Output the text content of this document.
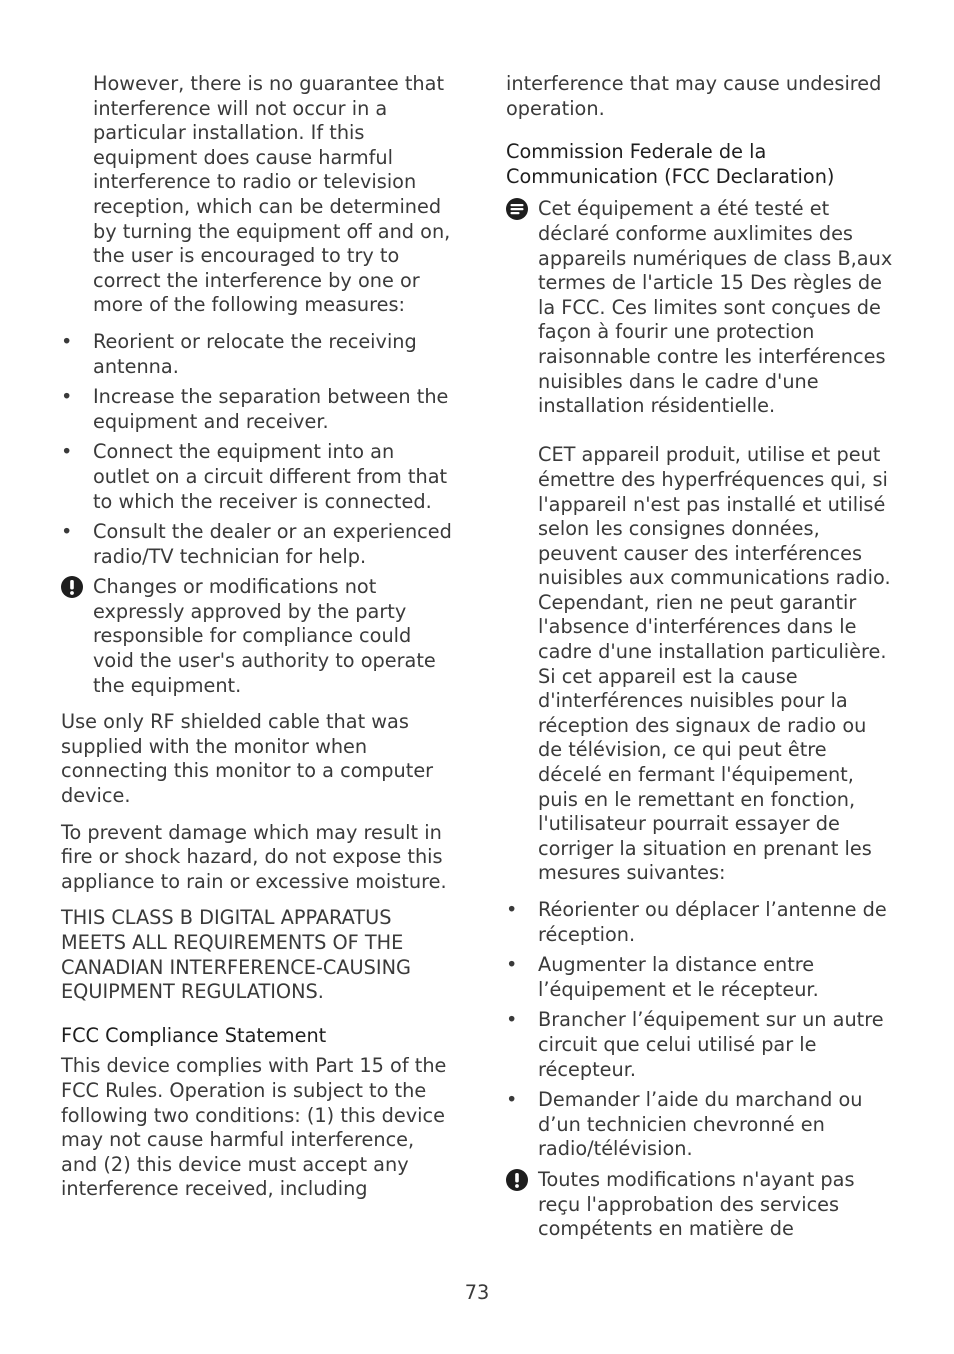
However, there is no guarantee that interference will not occur in a particular installation. If this equipment does cause harmful interference to radio or television reception, which can be determined by turning the equipment off and on, the user is encouraged to try to correct the interference by one or more of the following measures:

• Reorient or relocate the receiving antenna.
• Increase the separation between the equipment and receiver.
• Connect the equipment into an outlet on a circuit different from that to which the receiver is connected.
• Consult the dealer or an experienced radio/TV technician for help.
Changes or modifications not expressly approved by the party responsible for compliance could void the user's authority to operate the equipment.

Use only RF shielded cable that was supplied with the monitor when connecting this monitor to a computer device.

To prevent damage which may result in fire or shock hazard, do not expose this appliance to rain or excessive moisture.

THIS CLASS B DIGITAL APPARATUS MEETS ALL REQUIREMENTS OF THE CANADIAN INTERFERENCE-CAUSING EQUIPMENT REGULATIONS.

FCC Compliance Statement

This device complies with Part 15 of the FCC Rules. Operation is subject to the following two conditions: (1) this device may not cause harmful interference, and (2) this device must accept any interference received, including

interference that may cause undesired operation.

Commission Federale de la Communication (FCC Declaration)

Cet équipement a été testé et déclaré conforme auxlimites des appareils numériques de class B,aux termes de l'article 15 Des règles de la FCC. Ces limites sont conçues de façon à fourir une protection raisonnable contre les interférences nuisibles dans le cadre d'une installation résidentielle.

CET appareil produit, utilise et peut émettre des hyperfréquences qui, si l'appareil n'est pas installé et utilisé selon les consignes données, peuvent causer des interférences nuisibles aux communications radio. Cependant, rien ne peut garantir l'absence d'interférences dans le cadre d'une installation particulière. Si cet appareil est la cause d'interférences nuisibles pour la réception des signaux de radio ou de télévision, ce qui peut être décelé en fermant l'équipement, puis en le remettant en fonction, l'utilisateur pourrait essayer de corriger la situation en prenant les mesures suivantes:

• Réorienter ou déplacer l’antenne de réception.
• Augmenter la distance entre l’équipement et le récepteur.
• Brancher l’équipement sur un autre circuit que celui utilisé par le récepteur.
• Demander l’aide du marchand ou d’un technicien chevronné en radio/télévision.
Toutes modifications n'ayant pas reçu l'approbation des services compétents en matière de
73
